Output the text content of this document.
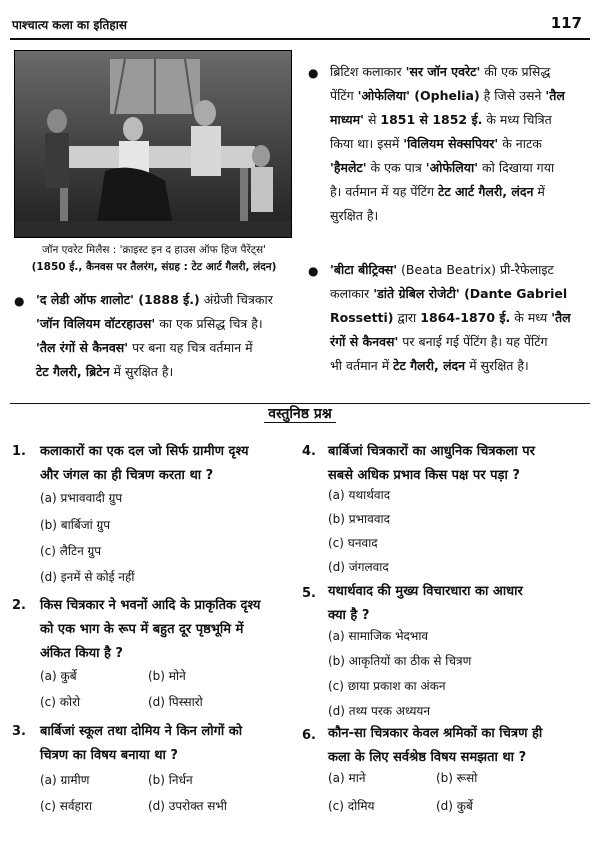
पाश्चात्य कला का इतिहास	117
जॉन एवरेट मिलैस : 'क्राइस्ट इन द हाउस ऑफ हिज पैरेंट्स'
(1850 ई., कैनवस पर तैलरंग, संग्रह : टेट आर्ट गैलरी, लंदन)
● 'द लेडी ऑफ शालोट' (1888 ई.) अंग्रेजी चित्रकार
'जॉन विलियम वॉटरहाउस' का एक प्रसिद्ध चित्र है।
'तैल रंगों से कैनवस' पर बना यह चित्र वर्तमान में
टेट गैलरी, ब्रिटेन में सुरक्षित है।
● ब्रिटिश कलाकार 'सर जॉन एवरेट' की एक प्रसिद्ध
पेंटिंग 'ओफेलिया' (Ophelia) है जिसे उसने 'तैल
माध्यम' से 1851 से 1852 ई. के मध्य चित्रित
किया था। इसमें 'विलियम सेक्सपियर' के नाटक
'हैमलेट' के एक पात्र 'ओफेलिया' को दिखाया गया
है। वर्तमान में यह पेंटिंग टेट आर्ट गैलरी, लंदन में
सुरक्षित है।
● 'बीटा बीट्रिक्स' (Beata Beatrix) प्री-रैफेलाइट
कलाकार 'डांते ग्रेबिल रोजेटी' (Dante Gabriel
Rossetti) द्वारा 1864-1870 ई. के मध्य 'तैल
रंगों से कैनवस' पर बनाई गई पेंटिंग है। यह पेंटिंग
भी वर्तमान में टेट गैलरी, लंदन में सुरक्षित है।
वस्तुनिष्ठ प्रश्न
1. कलाकारों का एक दल जो सिर्फ ग्रामीण दृश्य
और जंगल का ही चित्रण करता था ?
(a) प्रभाववादी ग्रुप
(b) बार्बिजां ग्रुप
(c) लैटिन ग्रुप
(d) इनमें से कोई नहीं
2. किस चित्रकार ने भवनों आदि के प्राकृतिक दृश्य
को एक भाग के रूप में बहुत दूर पृष्ठभूमि में
अंकित किया है ?
(a) कुर्बे	(b) मोने
(c) कोरो	(d) पिस्सारो
3. बार्बिजां स्कूल तथा दोमिय ने किन लोगों को
चित्रण का विषय बनाया था ?
(a) ग्रामीण	(b) निर्धन
(c) सर्वहारा	(d) उपरोक्त सभी
4. बार्बिजां चित्रकारों का आधुनिक चित्रकला पर
सबसे अधिक प्रभाव किस पक्ष पर पड़ा ?
(a) यथार्थवाद
(b) प्रभाववाद
(c) घनवाद
(d) जंगलवाद
5. यथार्थवाद की मुख्य विचारधारा का आधार
क्या है ?
(a) सामाजिक भेदभाव
(b) आकृतियों का ठीक से चित्रण
(c) छाया प्रकाश का अंकन
(d) तथ्य परक अध्ययन
6. कौन-सा चित्रकार केवल श्रमिकों का चित्रण ही
कला के लिए सर्वश्रेष्ठ विषय समझता था ?
(a) माने	(b) रूसो
(c) दोमिय	(d) कुर्बे
